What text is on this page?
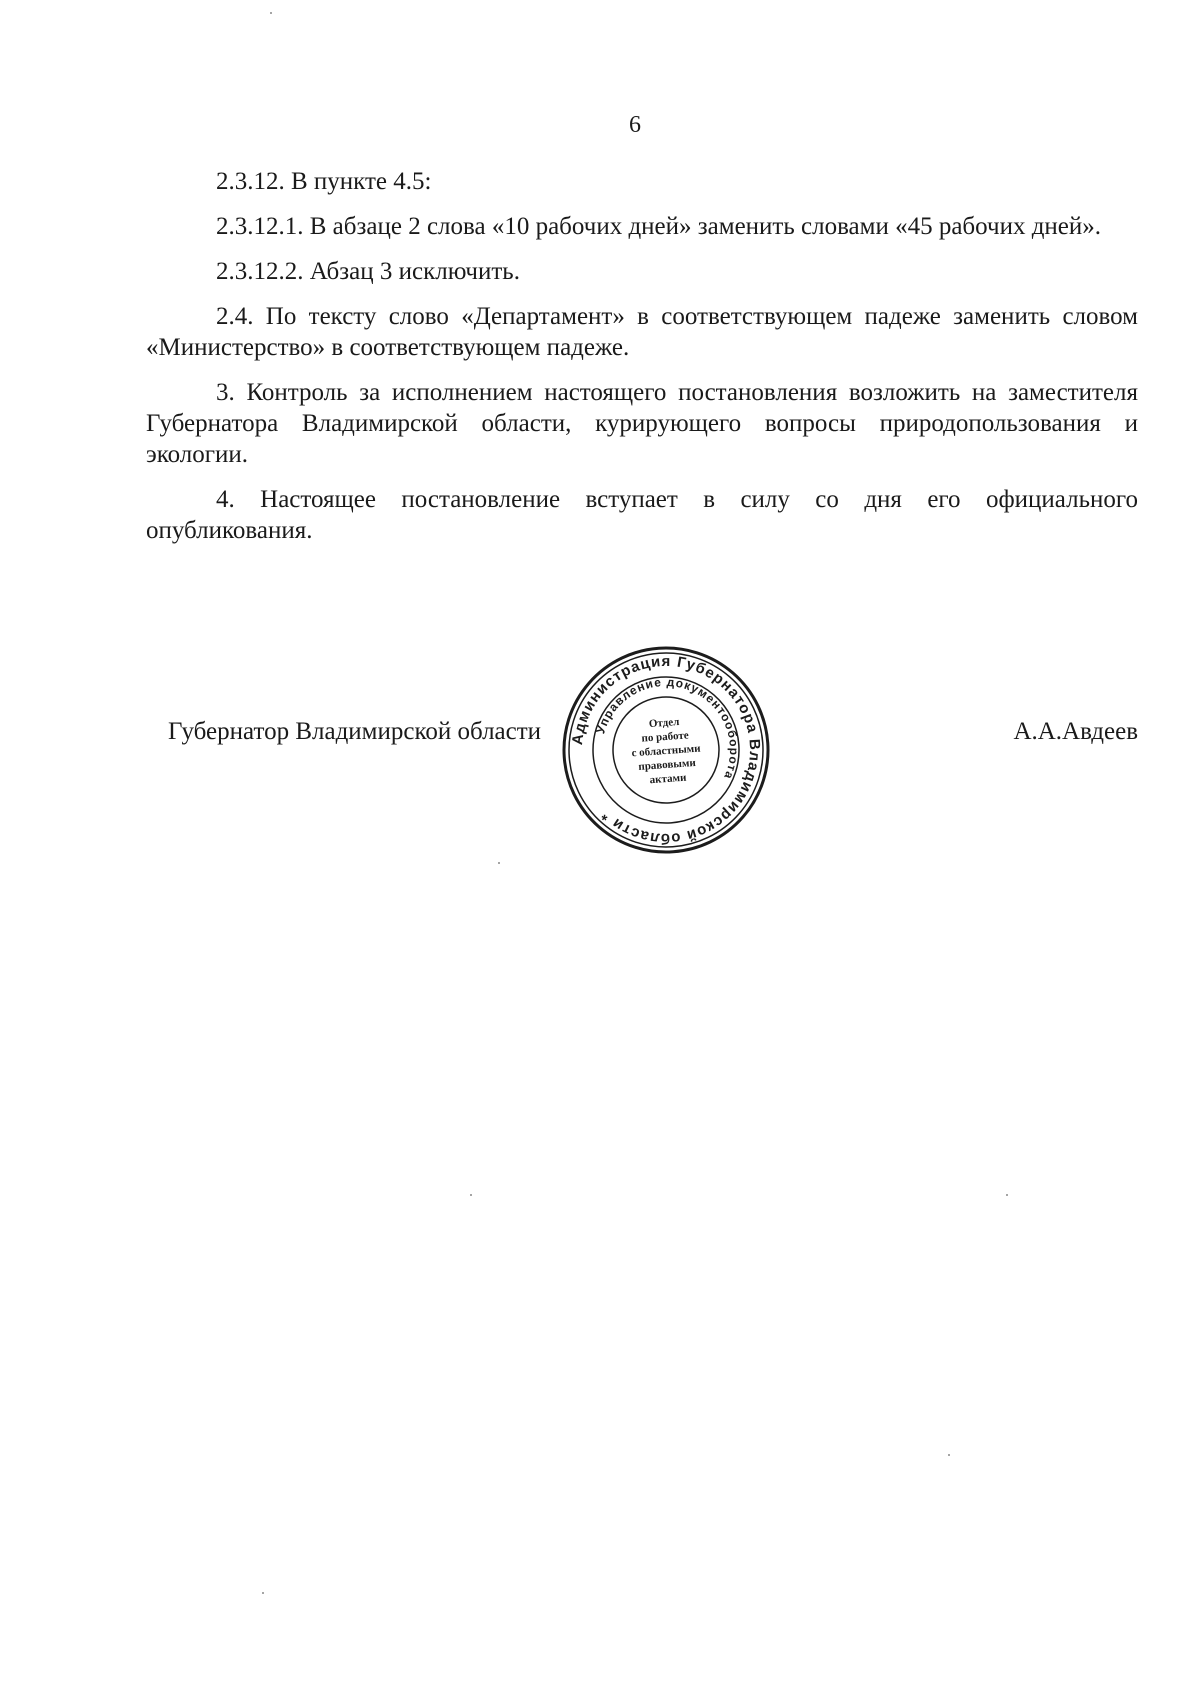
6

2.3.12. В пункте 4.5:

2.3.12.1. В абзаце 2 слова «10 рабочих дней» заменить словами «45 рабочих дней».

2.3.12.2. Абзац 3 исключить.

2.4. По тексту слово «Департамент» в соответствующем падеже заменить словом «Министерство» в соответствующем падеже.

3. Контроль за исполнением настоящего постановления возложить на заместителя Губернатора Владимирской области, курирующего вопросы природопользования и экологии.

4. Настоящее постановление вступает в силу со дня его официального опубликования.

Губернатор Владимирской области	А.А.Авдеев
Администрация Губернатора Владимирской области *
Управление документооборота
Отдел
по работе
с областными
правовыми
актами
